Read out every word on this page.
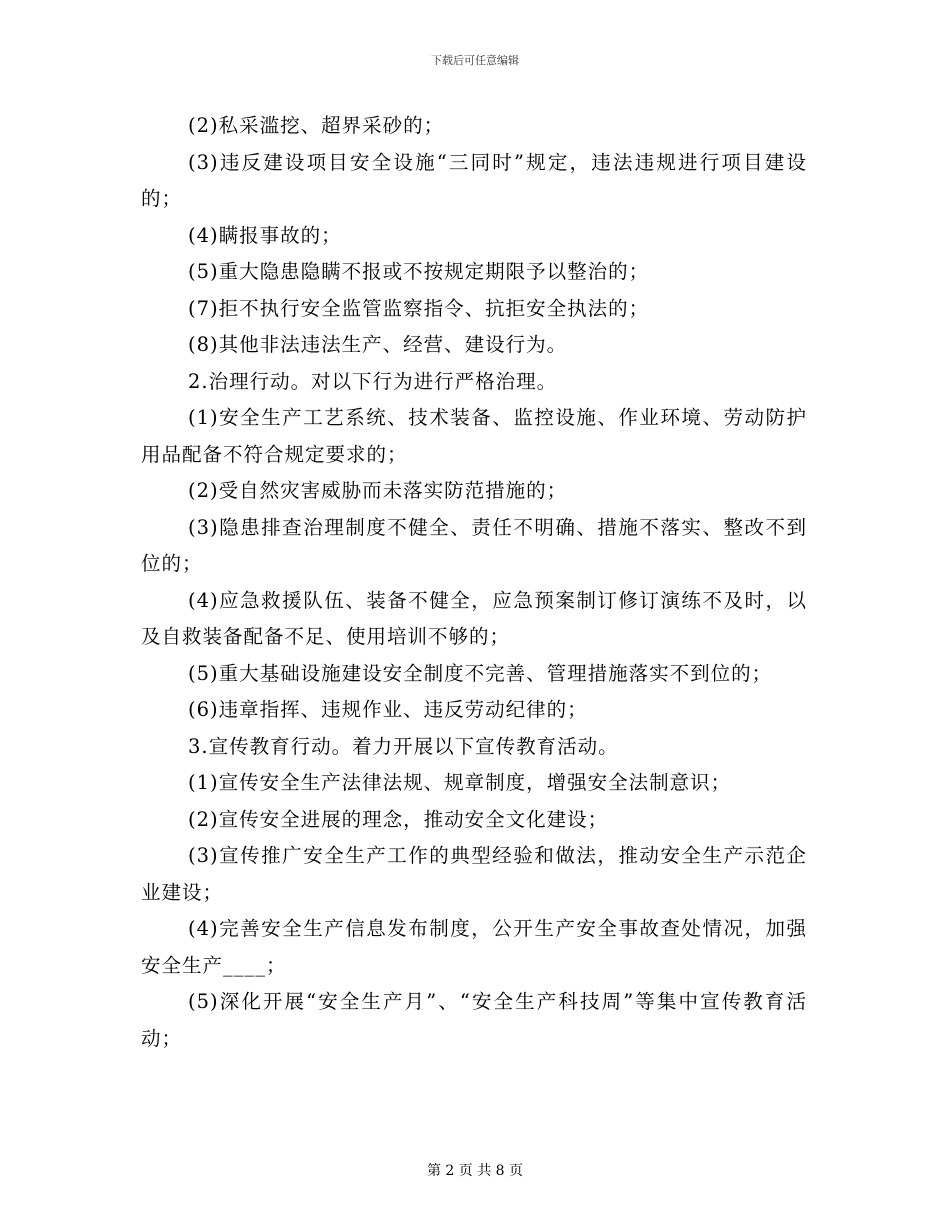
下载后可任意编辑

(2)私采滥挖、超界采砂的；

(3)违反建设项目安全设施“三同时”规定，违法违规进行项目建设的；

(4)瞒报事故的；

(5)重大隐患隐瞒不报或不按规定期限予以整治的；

(7)拒不执行安全监管监察指令、抗拒安全执法的；

(8)其他非法违法生产、经营、建设行为。

2.治理行动。对以下行为进行严格治理。

(1)安全生产工艺系统、技术装备、监控设施、作业环境、劳动防护用品配备不符合规定要求的；

(2)受自然灾害威胁而未落实防范措施的；

(3)隐患排查治理制度不健全、责任不明确、措施不落实、整改不到位的；

(4)应急救援队伍、装备不健全，应急预案制订修订演练不及时，以及自救装备配备不足、使用培训不够的；

(5)重大基础设施建设安全制度不完善、管理措施落实不到位的；

(6)违章指挥、违规作业、违反劳动纪律的；

3.宣传教育行动。着力开展以下宣传教育活动。

(1)宣传安全生产法律法规、规章制度，增强安全法制意识；

(2)宣传安全进展的理念，推动安全文化建设；

(3)宣传推广安全生产工作的典型经验和做法，推动安全生产示范企业建设；

(4)完善安全生产信息发布制度，公开生产安全事故查处情况，加强安全生产____；

(5)深化开展“安全生产月”、“安全生产科技周”等集中宣传教育活动；

第 2 页 共 8 页
